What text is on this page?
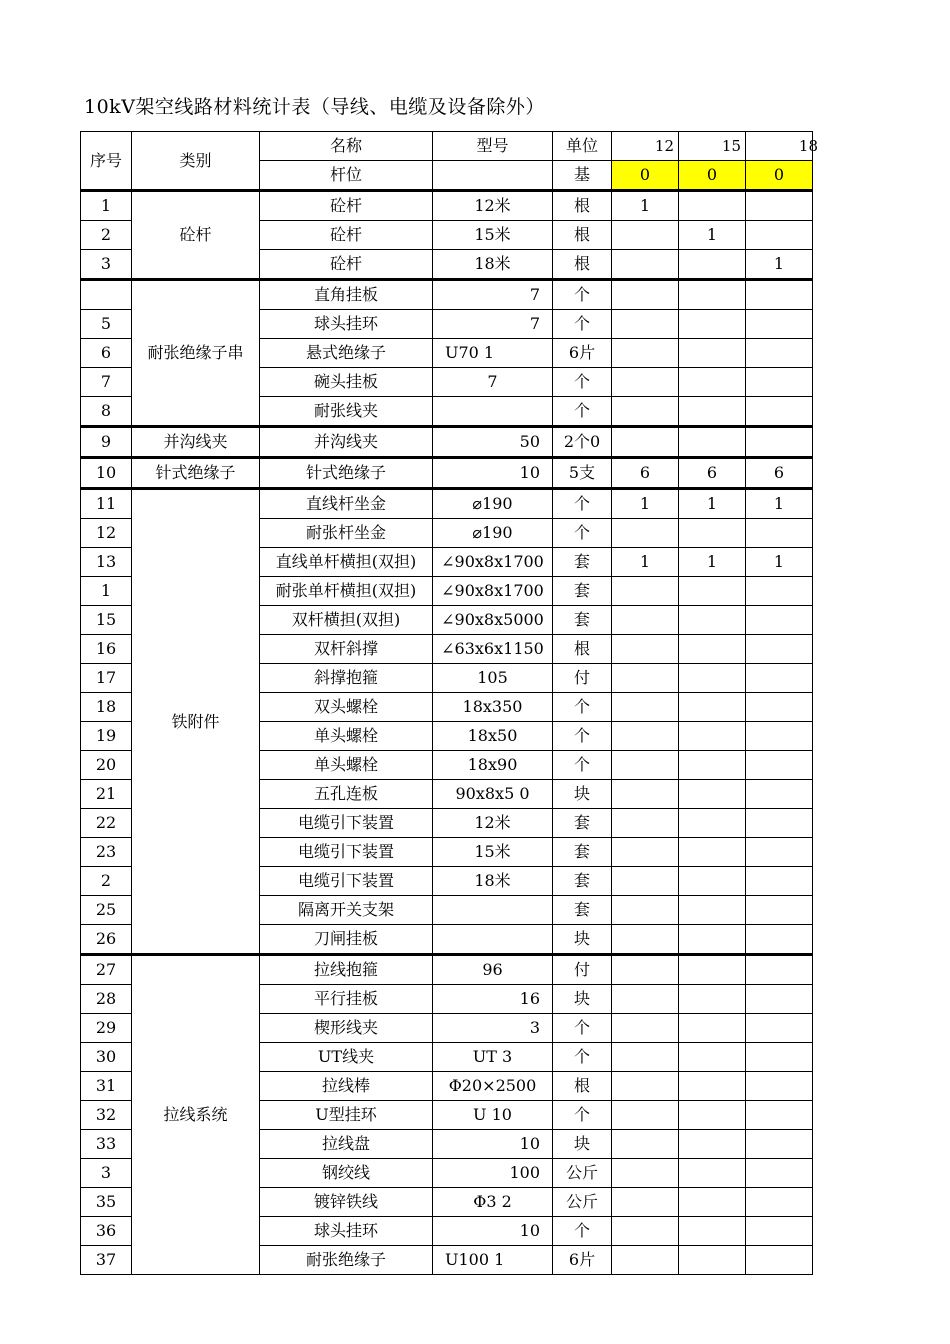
10kV架空线路材料统计表（导线、电缆及设备除外）
序号	类别	名称	型号	单位	12	15	18
		杆位		基	0	0	0
1	砼杆	砼杆	12米	根	1		
2		砼杆	15米	根		1	
3		砼杆	18米	根			1
	耐张绝缘子串	直角挂板	7	个			
5		球头挂环	7	个			
6		悬式绝缘子	U70 1	6片			
7		碗头挂板	7	个			
8		耐张线夹		个			
9	并沟线夹	并沟线夹	50	2个0			
10	针式绝缘子	针式绝缘子	10	5支	6	6	6
11	铁附件	直线杆坐金	⌀190	个	1	1	1
12		耐张杆坐金	⌀190	个			
13		直线单杆横担(双担)	∠90x8x1700	套	1	1	1
1		耐张单杆横担(双担)	∠90x8x1700	套			
15		双杆横担(双担)	∠90x8x5000	套			
16		双杆斜撑	∠63x6x1150	根			
17		斜撑抱箍	105	付			
18		双头螺栓	18x350	个			
19		单头螺栓	18x50	个			
20		单头螺栓	18x90	个			
21		五孔连板	90x8x5 0	块			
22		电缆引下装置	12米	套			
23		电缆引下装置	15米	套			
2		电缆引下装置	18米	套			
25		隔离开关支架		套			
26		刀闸挂板		块			
27	拉线系统	拉线抱箍	96	付			
28		平行挂板	16	块			
29		楔形线夹	3	个			
30		UT线夹	UT 3	个			
31		拉线棒	Φ20×2500	根			
32		U型挂环	U 10	个			
33		拉线盘	10	块			
3		钢绞线	100	公斤			
35		镀锌铁线	Φ3 2	公斤			
36		球头挂环	10	个			
37		耐张绝缘子	U100 1	6片			
